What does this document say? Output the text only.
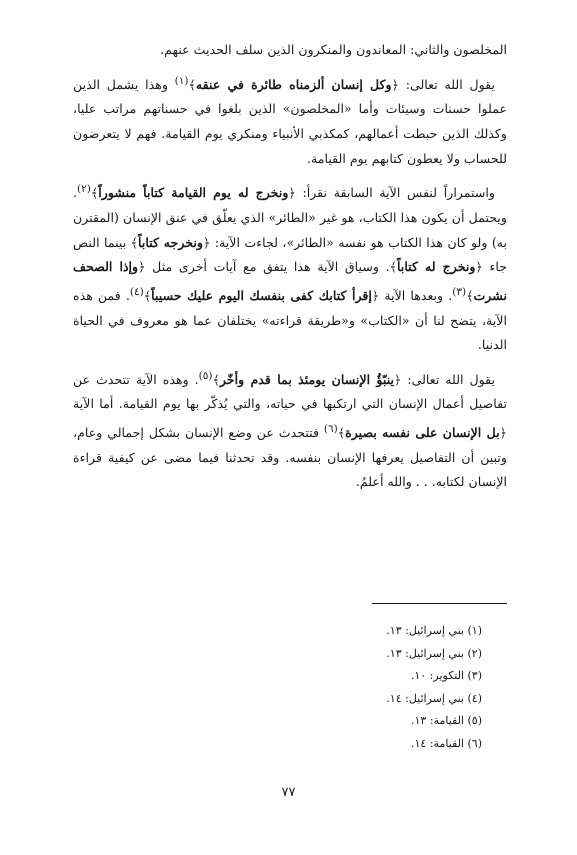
المخلصون والثاني: المعاندون والمنكرون الذين سلف الحديث عنهم.

يقول الله تعالى: ﴿وكل إنسان ألزمناه طائرة في عنقه﴾$^{(١)}$ وهذا يشمل الذين عملوا حسنات وسيئات وأما «المخلصون» الذين بلغوا في حسناتهم مراتب عليا، وكذلك الذين حبطت أعمالهم، كمكذبي الأنبياء ومنكري يوم القيامة. فهم لا يتعرضون للحساب ولا يعطون كتابهم يوم القيامة.

واستمراراً لنفس الآية السابقة نقرأ: ﴿ونخرج له يوم القيامة كتاباً منشوراً﴾$^{(٢)}$. ويحتمل أن يكون هذا الكتاب، هو غير «الطائر» الذي يعلّق في عنق الإنسان (المقترن به) ولو كان هذا الكتاب هو نفسه «الطائر»، لجاءت الآية: ﴿ونخرجه كتاباً﴾ بينما النص جاء ﴿ونخرج له كتاباً﴾. وسياق الآية هذا يتفق مع آيات أخرى مثل ﴿وإذا الصحف نشرت﴾$^{(٣)}$. وبعدها الآية ﴿إقرأ كتابك كفى بنفسك اليوم عليك حسيباً﴾$^{(٤)}$. فمن هذه الآية، يتضح لنا أن «الكتاب» و«طريقة قراءته» يختلفان عما هو معروف في الحياة الدنيا.

يقول الله تعالى: ﴿ينبّؤُ الإنسان يومئذ بما قدم وأخّر﴾$^{(٥)}$. وهذه الآية تتحدث عن تفاصيل أعمال الإنسان التي ارتكبها في حياته، والتي يُذكّر بها يوم القيامة. أما الآية ﴿بل الإنسان على نفسه بصيرة﴾$^{(٦)}$ فتتحدث عن وضع الإنسان بشكل إجمالي وعام، وتبين أن التفاصيل يعرفها الإنسان بنفسه. وقد تحدثنا فيما مضى عن كيفية قراءة الإنسان لكتابه. . . والله أعلمُ.

(١) بني إسرائيل: ١٣.
(٢) بني إسرائيل: ١٣.
(٣) التكوير: ١٠.
(٤) بني إسرائيل: ١٤.
(٥) القيامة: ١٣.
(٦) القيامة: ١٤.
٧٧
